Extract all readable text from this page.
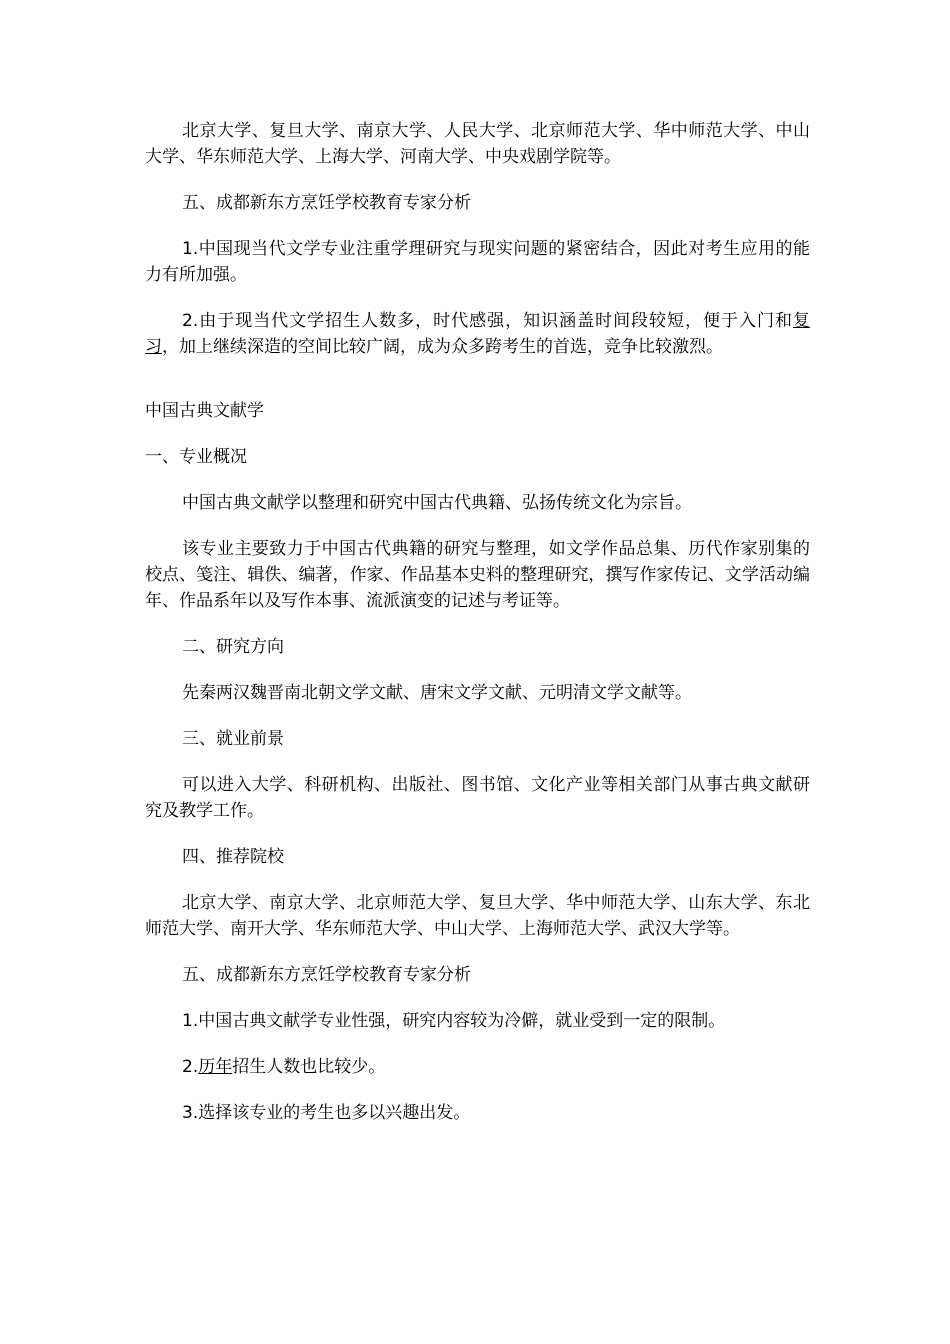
北京大学、复旦大学、南京大学、人民大学、北京师范大学、华中师范大学、中山大学、华东师范大学、上海大学、河南大学、中央戏剧学院等。

五、成都新东方烹饪学校教育专家分析

1.中国现当代文学专业注重学理研究与现实问题的紧密结合，因此对考生应用的能力有所加强。

2.由于现当代文学招生人数多，时代感强，知识涵盖时间段较短，便于入门和复习，加上继续深造的空间比较广阔，成为众多跨考生的首选，竞争比较激烈。

中国古典文献学

一、专业概况

中国古典文献学以整理和研究中国古代典籍、弘扬传统文化为宗旨。

该专业主要致力于中国古代典籍的研究与整理，如文学作品总集、历代作家别集的校点、笺注、辑佚、编著，作家、作品基本史料的整理研究，撰写作家传记、文学活动编年、作品系年以及写作本事、流派演变的记述与考证等。

二、研究方向

先秦两汉魏晋南北朝文学文献、唐宋文学文献、元明清文学文献等。

三、就业前景

可以进入大学、科研机构、出版社、图书馆、文化产业等相关部门从事古典文献研究及教学工作。

四、推荐院校

北京大学、南京大学、北京师范大学、复旦大学、华中师范大学、山东大学、东北师范大学、南开大学、华东师范大学、中山大学、上海师范大学、武汉大学等。

五、成都新东方烹饪学校教育专家分析

1.中国古典文献学专业性强，研究内容较为冷僻，就业受到一定的限制。

2.历年招生人数也比较少。

3.选择该专业的考生也多以兴趣出发。
